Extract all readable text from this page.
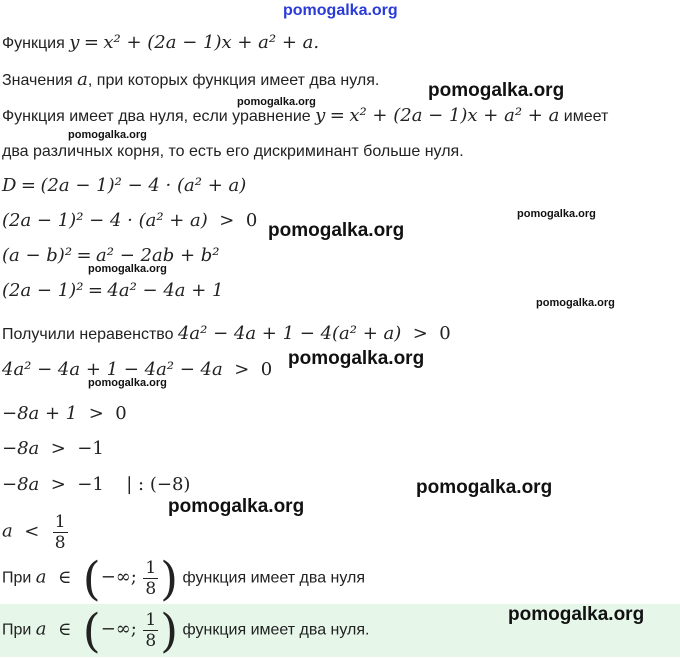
pomogalka.org
pomogalka.org
pomogalka.org
pomogalka.org
pomogalka.org
pomogalka.org
pomogalka.org
pomogalka.org
pomogalka.org
pomogalka.org
pomogalka.org
pomogalka.org
pomogalka.org
Функция y = x² + (2a − 1)x + a² + a.
Значения a, при которых функция имеет два нуля.
Функция имеет два нуля, если уравнение y = x² + (2a − 1)x + a² + a имеет
два различных корня, то есть его дискриминант больше нуля.
D = (2a − 1)² − 4 · (a² + a)
(2a − 1)² − 4 · (a² + a) > 0
(a − b)² = a² − 2ab + b²
(2a − 1)² = 4a² − 4a + 1
Получили неравенство 4a² − 4a + 1 − 4(a² + a) > 0
4a² − 4a + 1 − 4a² − 4a > 0
−8a + 1 > 0
−8a > −1
−8a > −1 | : (−8)
$a < \frac{1}{8}$
При a ∈ (−∞; $\frac{1}{8}$ ) функция имеет два нуля
При a ∈ (−∞; $\frac{1}{8}$ ) функция имеет два нуля.
